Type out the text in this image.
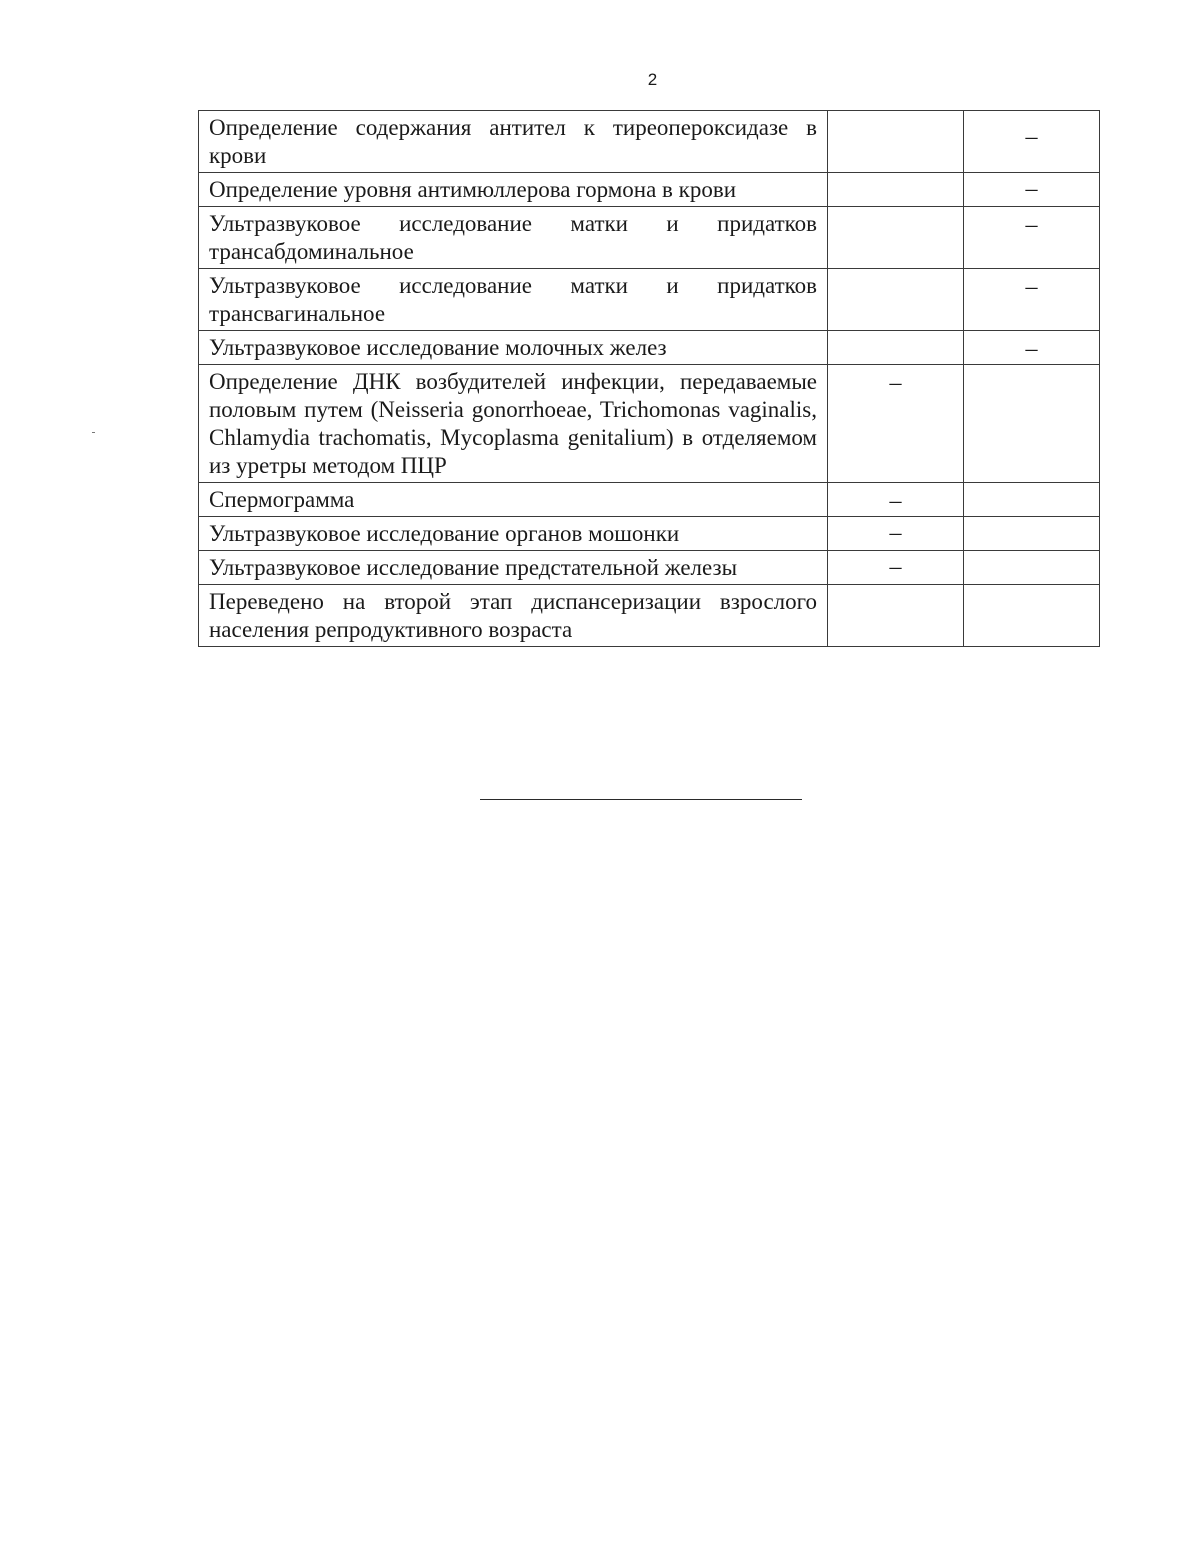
2
Определение содержания антител к тиреопероксидазе в крови		–
Определение уровня антимюллерова гормона в крови		–
Ультразвуковое исследование матки и придатков трансабдоминальное		–
Ультразвуковое исследование матки и придатков трансвагинальное		–
Ультразвуковое исследование молочных желез		–
Определение ДНК возбудителей инфекции, передаваемые половым путем (Neisseria gonorrhoeae, Trichomonas vaginalis, Chlamydia trachomatis, Mycoplasma genitalium) в отделяемом из уретры методом ПЦР	–	
Спермограмма	–	
Ультразвуковое исследование органов мошонки	–	
Ультразвуковое исследование предстательной железы	–	
Переведено на второй этап диспансеризации взрослого населения репродуктивного возраста		
